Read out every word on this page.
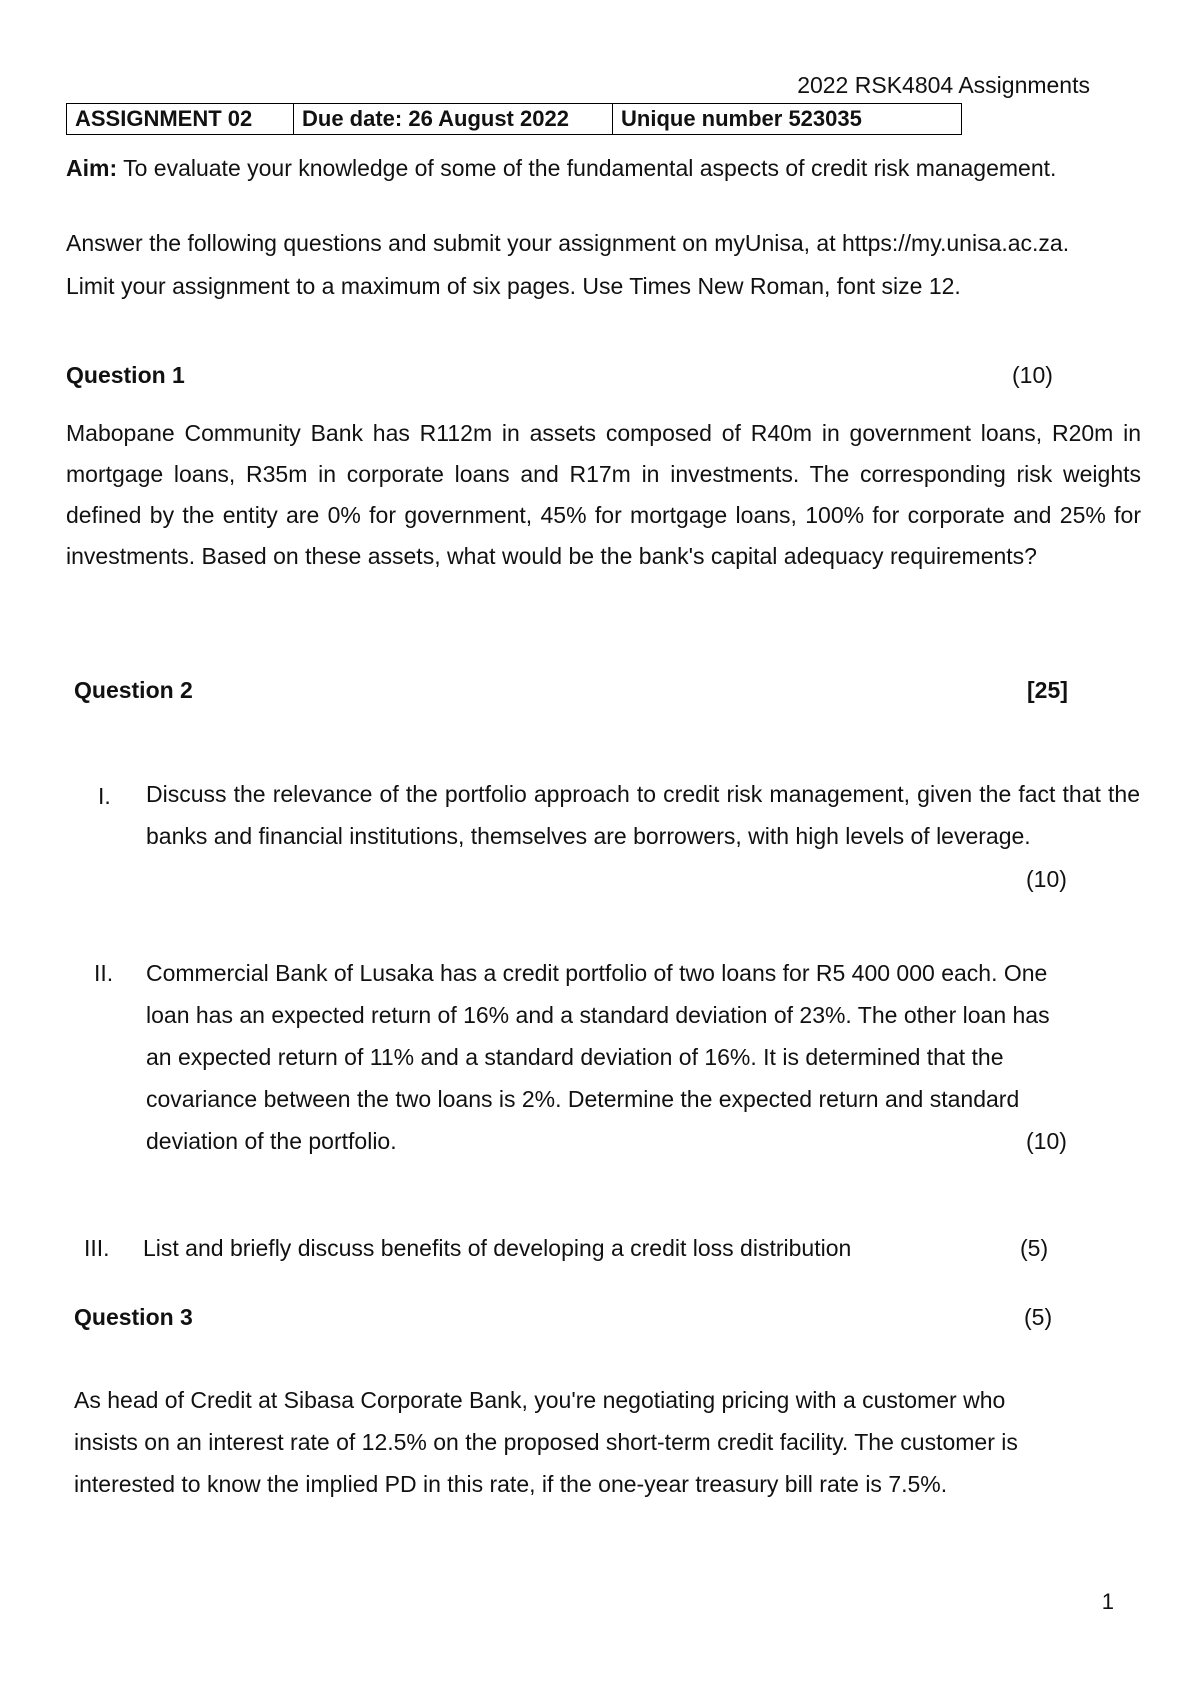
2022 RSK4804 Assignments
ASSIGNMENT 02	Due date: 26 August 2022	Unique number 523035
Aim: To evaluate your knowledge of some of the fundamental aspects of credit risk management.
Answer the following questions and submit your assignment on myUnisa, at https://my.unisa.ac.za.
Limit your assignment to a maximum of six pages. Use Times New Roman, font size 12.
Question 1	(10)
Mabopane Community Bank has R112m in assets composed of R40m in government loans, R20m in mortgage loans, R35m in corporate loans and R17m in investments. The corresponding risk weights defined by the entity are 0% for government, 45% for mortgage loans, 100% for corporate and 25% for investments. Based on these assets, what would be the bank's capital adequacy requirements?
Question 2	[25]
I. Discuss the relevance of the portfolio approach to credit risk management, given the fact that the banks and financial institutions, themselves are borrowers, with high levels of leverage.
(10)
II. Commercial Bank of Lusaka has a credit portfolio of two loans for R5 400 000 each. One
loan has an expected return of 16% and a standard deviation of 23%. The other loan has
an expected return of 11% and a standard deviation of 16%. It is determined that the
covariance between the two loans is 2%. Determine the expected return and standard
deviation of the portfolio.	(10)
III. List and briefly discuss benefits of developing a credit loss distribution	(5)
Question 3	(5)
As head of Credit at Sibasa Corporate Bank, you're negotiating pricing with a customer who
insists on an interest rate of 12.5% on the proposed short-term credit facility. The customer is
interested to know the implied PD in this rate, if the one-year treasury bill rate is 7.5%.
1
